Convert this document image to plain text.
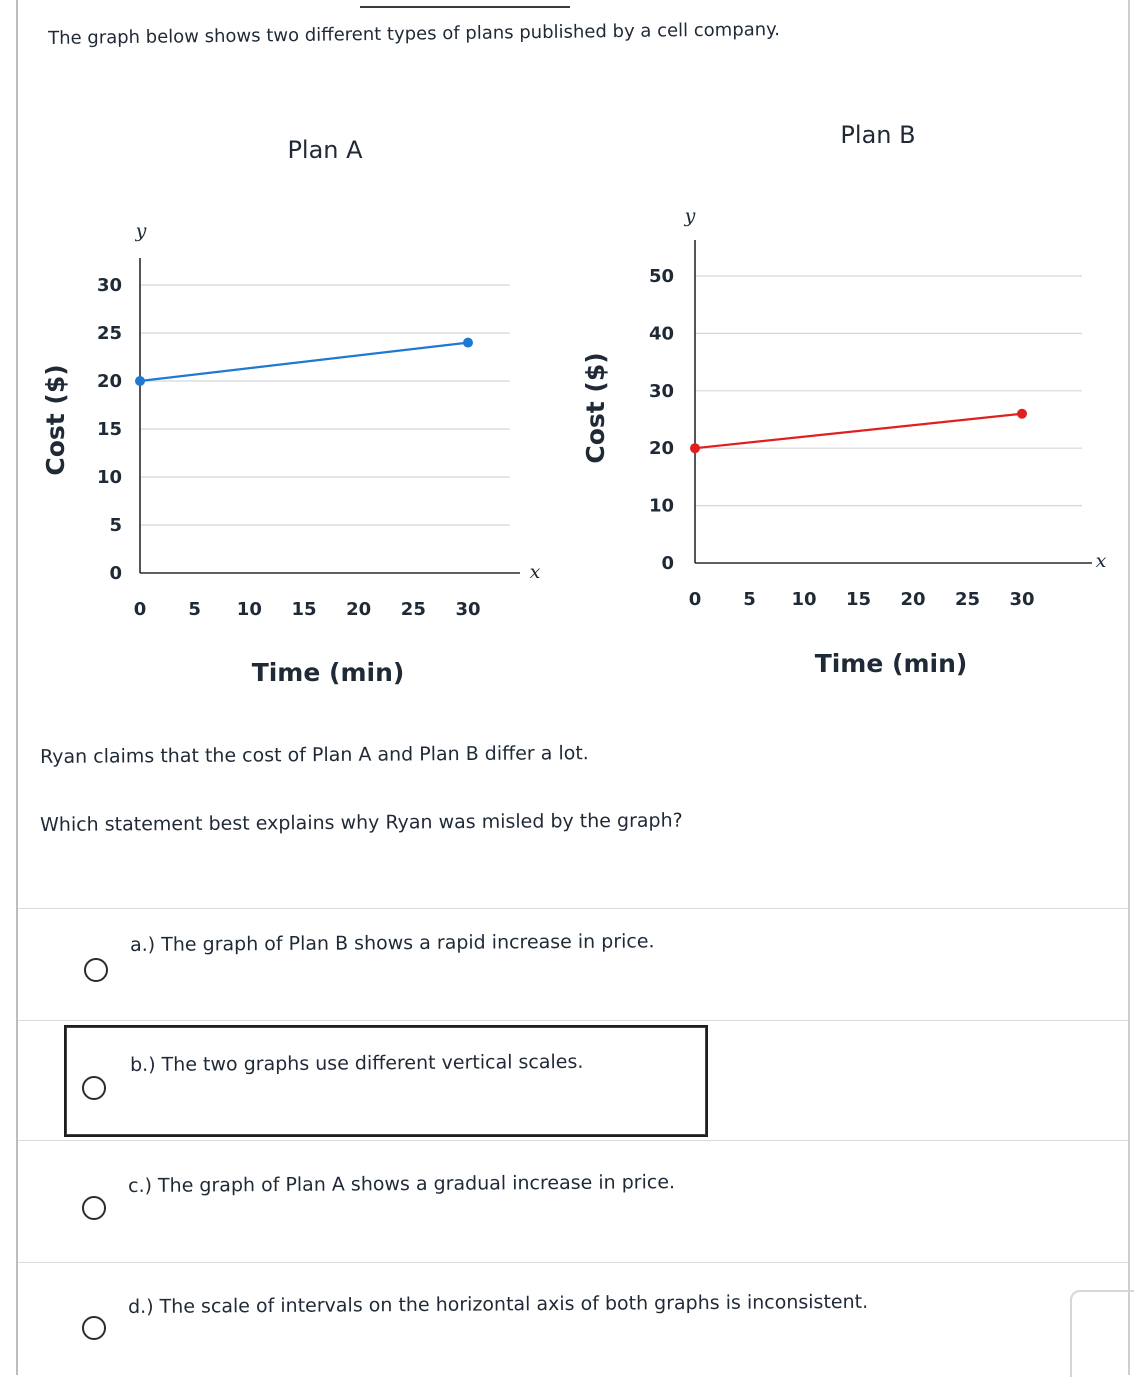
The graph below shows two different types of plans published by a cell company.
Plan A
0
5
10
15
20
25
30
0 5 10 15 20 25 30
y
x
Time (min)
Cost ($)
Plan B
0
10
20
30
40
50
0 5 10 15 20 25 30
y
x
Time (min)
Cost ($)
Ryan claims that the cost of Plan A and Plan B differ a lot.
Which statement best explains why Ryan was misled by the graph?
a.) The graph of Plan B shows a rapid increase in price.
b.) The two graphs use different vertical scales.
c.) The graph of Plan A shows a gradual increase in price.
d.) The scale of intervals on the horizontal axis of both graphs is inconsistent.
